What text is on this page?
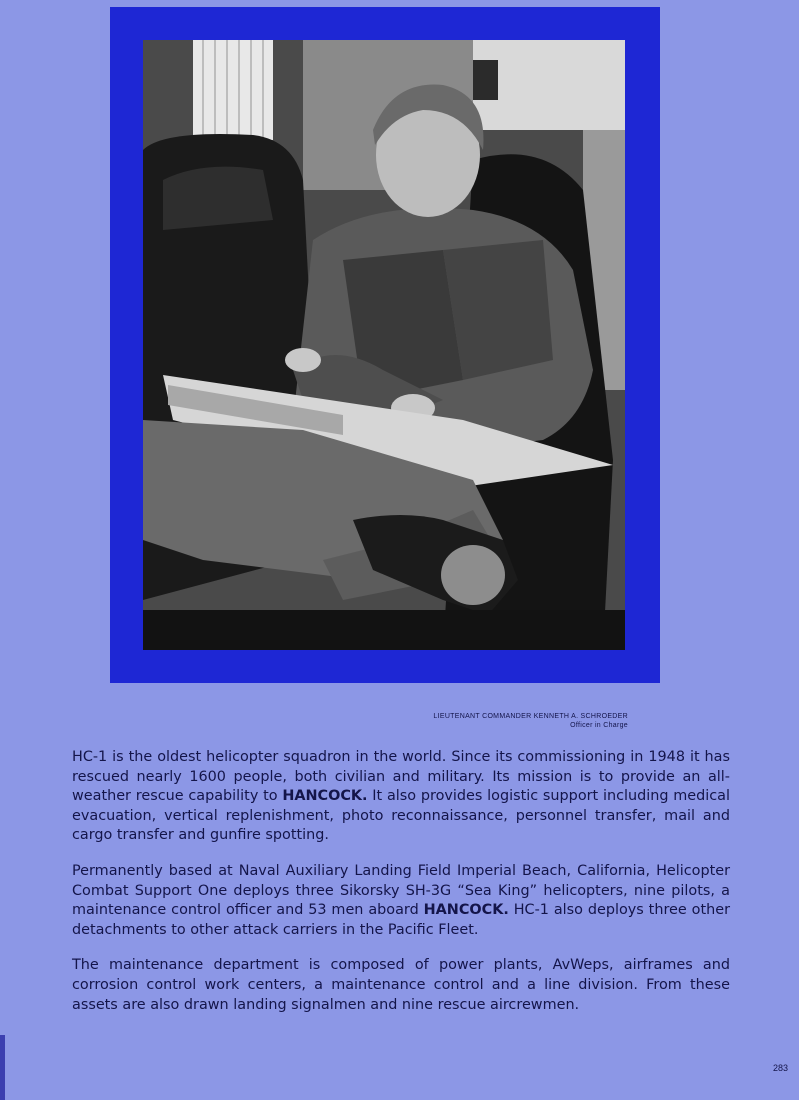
LIEUTENANT COMMANDER KENNETH A. SCHROEDER
Officer in Charge

HC-1 is the oldest helicopter squadron in the world. Since its commissioning in 1948 it has rescued nearly 1600 people, both civilian and military. Its mission is to provide an all-weather rescue capability to HANCOCK. It also provides logistic support including medical evacuation, vertical replenishment, photo reconnaissance, personnel transfer, mail and cargo transfer and gunfire spotting.

Permanently based at Naval Auxiliary Landing Field Imperial Beach, California, Helicopter Combat Support One deploys three Sikorsky SH-3G “Sea King” helicopters, nine pilots, a maintenance control officer and 53 men aboard HANCOCK. HC-1 also deploys three other detachments to other attack carriers in the Pacific Fleet.

The maintenance department is composed of power plants, AvWeps, airframes and corrosion control work centers, a maintenance control and a line division. From these assets are also drawn landing signalmen and nine rescue aircrewmen.

283
